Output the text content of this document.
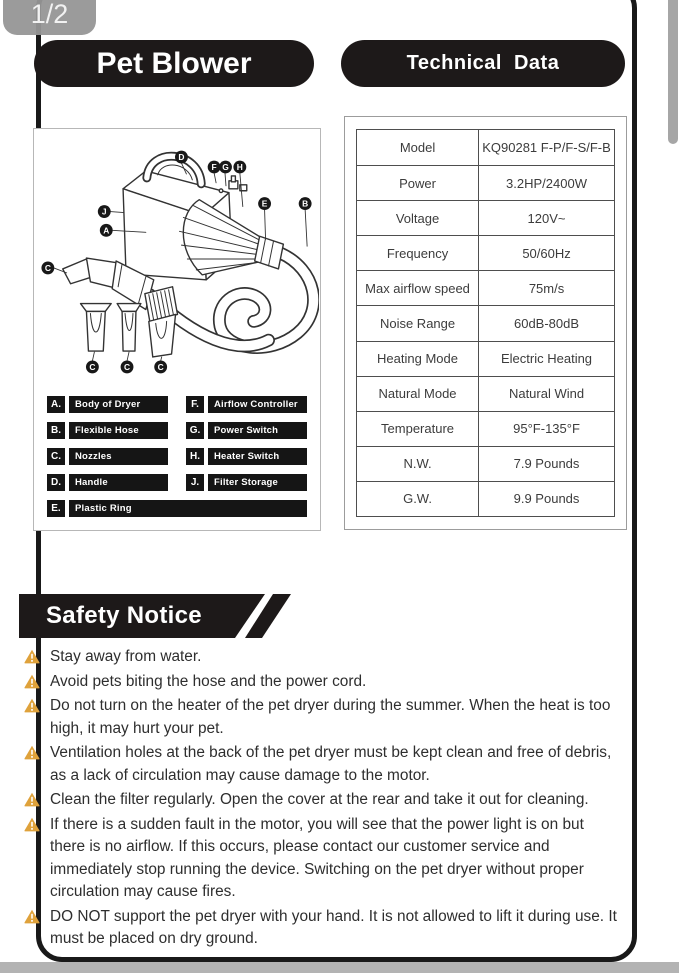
1/2
Pet Blower	Technical Data
D
F G H
J
A
E	B
C
C	C	C
A.	Body of Dryer	F.	Airflow Controller
B.	Flexible Hose	G.	Power Switch
C.	Nozzles	H.	Heater Switch
D.	Handle	J.	Filter Storage
E.	Plastic Ring
Model	KQ90281 F-P/F-S/F-B
Power	3.2HP/2400W
Voltage	120V~
Frequency	50/60Hz
Max airflow speed	75m/s
Noise Range	60dB-80dB
Heating Mode	Electric Heating
Natural Mode	Natural Wind
Temperature	95°F-135°F
N.W.	7.9 Pounds
G.W.	9.9 Pounds
Safety Notice
Stay away from water.
Avoid pets biting the hose and the power cord.
Do not turn on the heater of the pet dryer during the summer. When the heat is too high, it may hurt your pet.
Ventilation holes at the back of the pet dryer must be kept clean and free of debris, as a lack of circulation may cause damage to the motor.
Clean the filter regularly. Open the cover at the rear and take it out for cleaning.
If there is a sudden fault in the motor, you will see that the power light is on but there is no airflow. If this occurs, please contact our customer service and immediately stop running the device. Switching on the pet dryer without proper circulation may cause fires.
DO NOT support the pet dryer with your hand. It is not allowed to lift it during use. It must be placed on dry ground.
